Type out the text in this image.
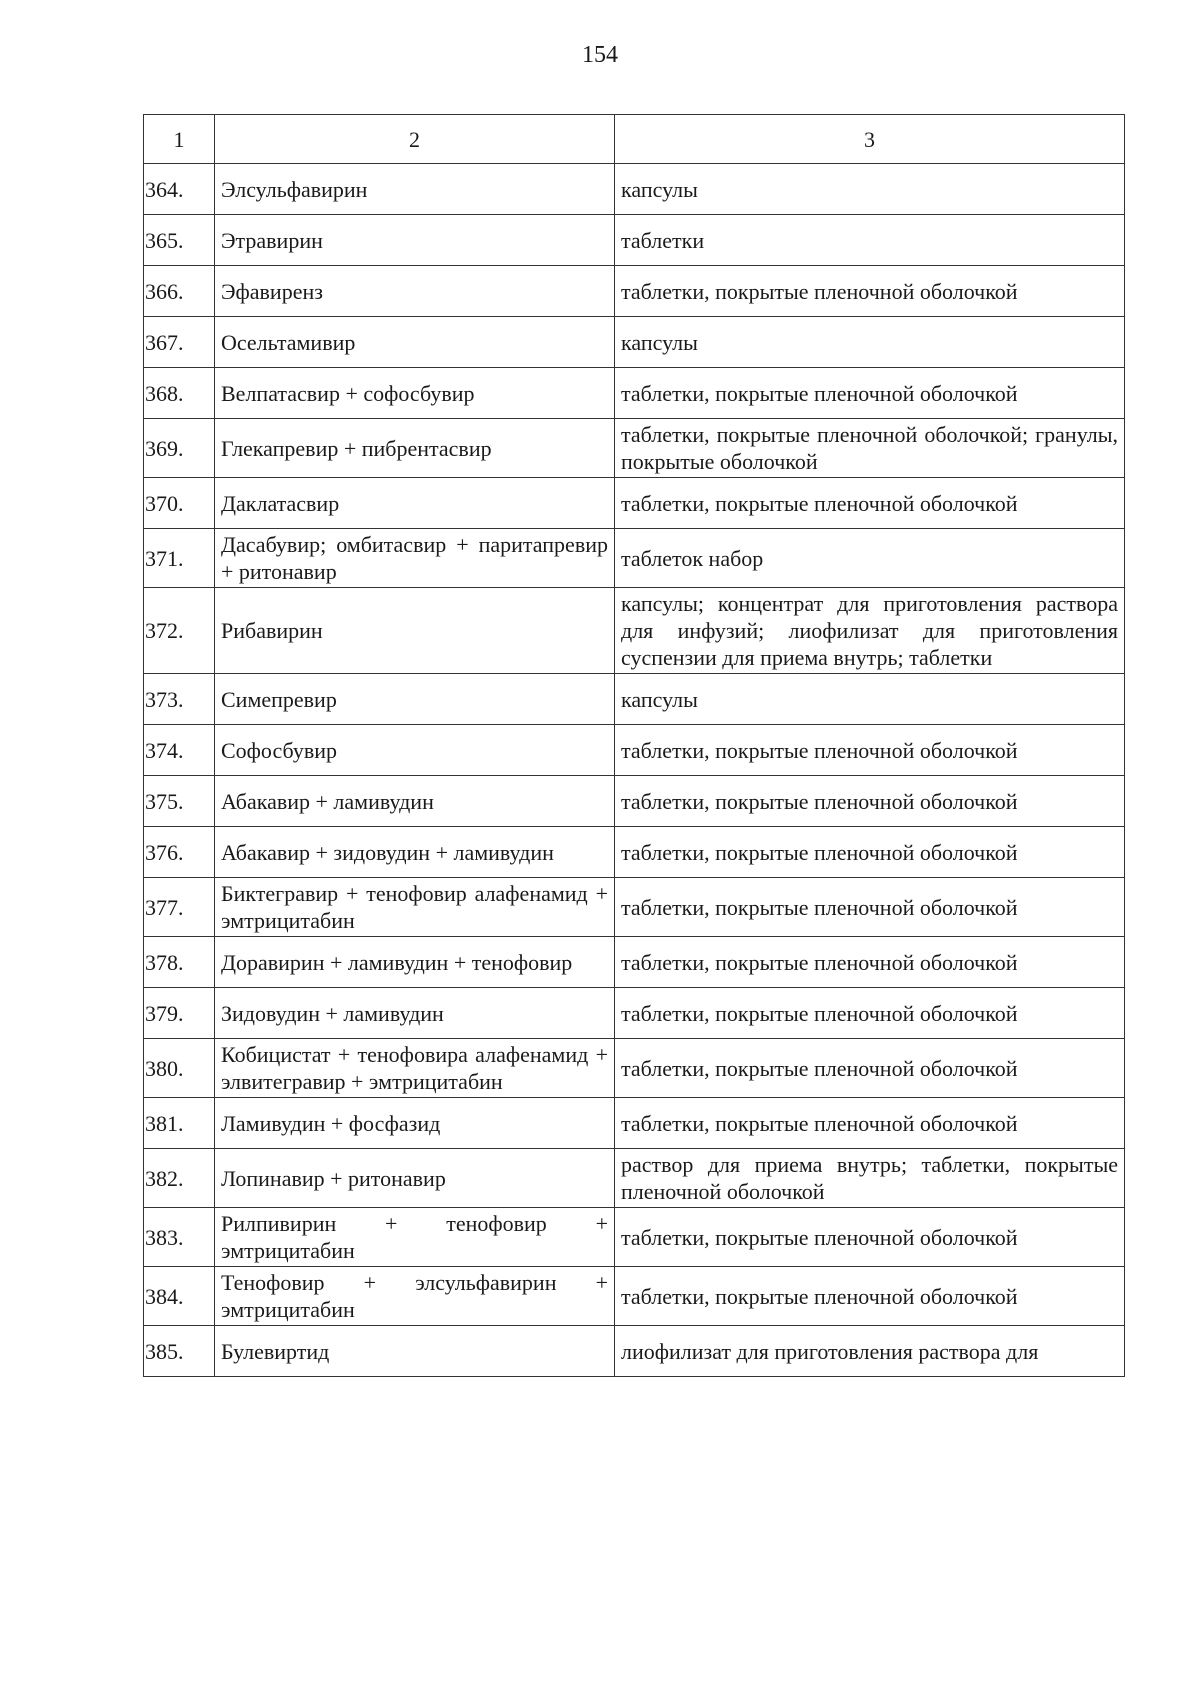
154
1	2	3
364.	Элсульфавирин	капсулы
365.	Этравирин	таблетки
366.	Эфавиренз	таблетки, покрытые пленочной оболочкой
367.	Осельтамивир	капсулы
368.	Велпатасвир + софосбувир	таблетки, покрытые пленочной оболочкой
369.	Глекапревир + пибрентасвир	таблетки, покрытые пленочной оболочкой; гранулы, покрытые оболочкой
370.	Даклатасвир	таблетки, покрытые пленочной оболочкой
371.	Дасабувир; омбитасвир + паритапревир + ритонавир	таблеток набор
372.	Рибавирин	капсулы; концентрат для приготовления раствора для инфузий; лиофилизат для приготовления суспензии для приема внутрь; таблетки
373.	Симепревир	капсулы
374.	Софосбувир	таблетки, покрытые пленочной оболочкой
375.	Абакавир + ламивудин	таблетки, покрытые пленочной оболочкой
376.	Абакавир + зидовудин + ламивудин	таблетки, покрытые пленочной оболочкой
377.	Биктегравир + тенофовир алафенамид + эмтрицитабин	таблетки, покрытые пленочной оболочкой
378.	Доравирин + ламивудин + тенофовир	таблетки, покрытые пленочной оболочкой
379.	Зидовудин + ламивудин	таблетки, покрытые пленочной оболочкой
380.	Кобицистат + тенофовира алафенамид + элвитегравир + эмтрицитабин	таблетки, покрытые пленочной оболочкой
381.	Ламивудин + фосфазид	таблетки, покрытые пленочной оболочкой
382.	Лопинавир + ритонавир	раствор для приема внутрь; таблетки, покрытые пленочной оболочкой
383.	Рилпивирин + тенофовир + эмтрицитабин	таблетки, покрытые пленочной оболочкой
384.	Тенофовир + элсульфавирин + эмтрицитабин	таблетки, покрытые пленочной оболочкой
385.	Булевиртид	лиофилизат для приготовления раствора для
